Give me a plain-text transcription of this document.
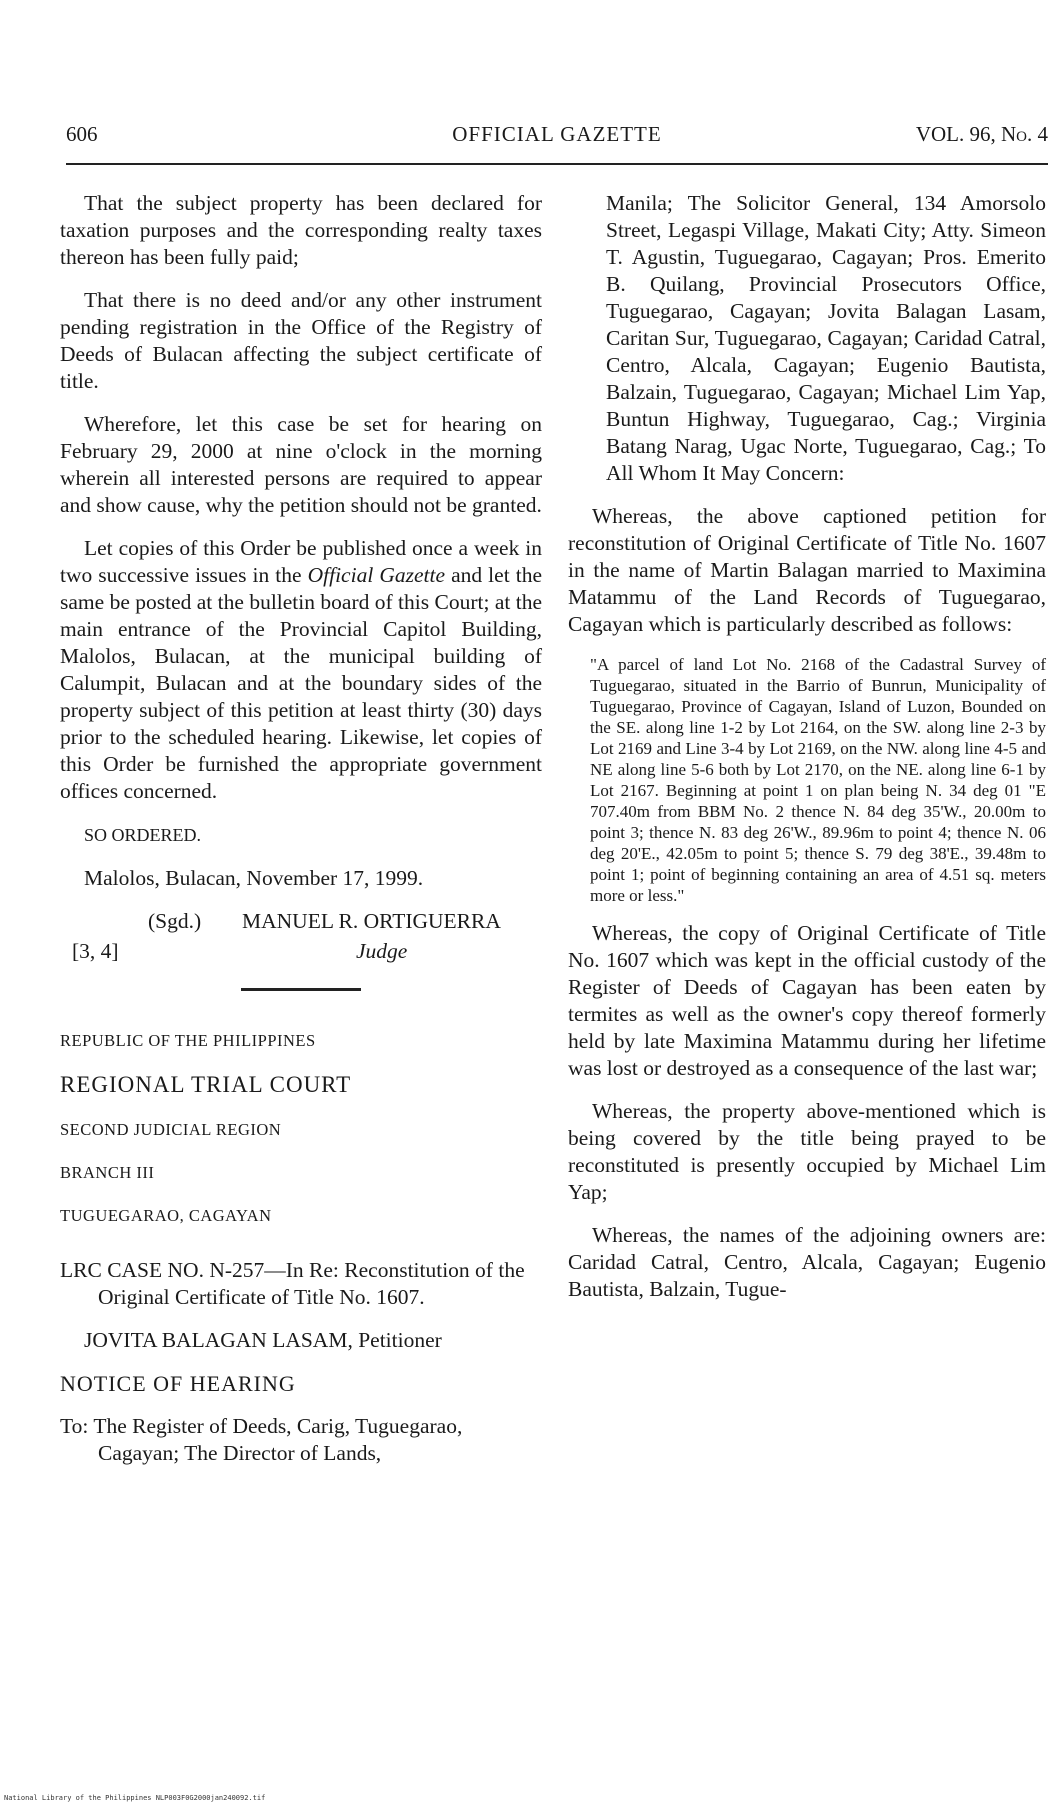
OFFICIAL GAZETTE
606	VOL. 96, No. 4

That the subject property has been declared for taxation purposes and the corresponding realty taxes thereon has been fully paid;

That there is no deed and/or any other instrument pending registration in the Office of the Registry of Deeds of Bulacan affecting the subject certificate of title.

Wherefore, let this case be set for hearing on February 29, 2000 at nine o'clock in the morning wherein all interested persons are required to appear and show cause, why the petition should not be granted.

Let copies of this Order be published once a week in two successive issues in the Official Gazette and let the same be posted at the bulletin board of this Court; at the main entrance of the Provincial Capitol Building, Malolos, Bulacan, at the municipal building of Calumpit, Bulacan and at the boundary sides of the property subject of this petition at least thirty (30) days prior to the scheduled hearing. Likewise, let copies of this Order be furnished the appropriate government offices concerned.

SO ORDERED.

Malolos, Bulacan, November 17, 1999.

(Sgd.) MANUEL R. ORTIGUERRA
[3, 4]	Judge

REPUBLIC OF THE PHILIPPINES

REGIONAL TRIAL COURT

SECOND JUDICIAL REGION

BRANCH III

TUGUEGARAO, CAGAYAN

LRC CASE NO. N-257—In Re: Reconstitution of the Original Certificate of Title No. 1607.

JOVITA BALAGAN LASAM, Petitioner

NOTICE OF HEARING

To: The Register of Deeds, Carig, Tuguegarao, Cagayan; The Director of Lands,

Manila; The Solicitor General, 134 Amorsolo Street, Legaspi Village, Makati City; Atty. Simeon T. Agustin, Tuguegarao, Cagayan; Pros. Emerito B. Quilang, Provincial Prosecutors Office, Tuguegarao, Cagayan; Jovita Balagan Lasam, Caritan Sur, Tuguegarao, Cagayan; Caridad Catral, Centro, Alcala, Cagayan; Eugenio Bautista, Balzain, Tuguegarao, Cagayan; Michael Lim Yap, Buntun Highway, Tuguegarao, Cag.; Virginia Batang Narag, Ugac Norte, Tuguegarao, Cag.; To All Whom It May Concern:

Whereas, the above captioned petition for reconstitution of Original Certificate of Title No. 1607 in the name of Martin Balagan married to Maximina Matammu of the Land Records of Tuguegarao, Cagayan which is particularly described as follows:

"A parcel of land Lot No. 2168 of the Cadastral Survey of Tuguegarao, situated in the Barrio of Bunrun, Municipality of Tuguegarao, Province of Cagayan, Island of Luzon, Bounded on the SE. along line 1-2 by Lot 2164, on the SW. along line 2-3 by Lot 2169 and Line 3-4 by Lot 2169, on the NW. along line 4-5 and NE along line 5-6 both by Lot 2170, on the NE. along line 6-1 by Lot 2167. Beginning at point 1 on plan being N. 34 deg 01 "E 707.40m from BBM No. 2 thence N. 84 deg 35'W., 20.00m to point 3; thence N. 83 deg 26'W., 89.96m to point 4; thence N. 06 deg 20'E., 42.05m to point 5; thence S. 79 deg 38'E., 39.48m to point 1; point of beginning containing an area of 4.51 sq. meters more or less."

Whereas, the copy of Original Certificate of Title No. 1607 which was kept in the official custody of the Register of Deeds of Cagayan has been eaten by termites as well as the owner's copy thereof formerly held by late Maximina Matammu during her lifetime was lost or destroyed as a consequence of the last war;

Whereas, the property above-mentioned which is being covered by the title being prayed to be reconstituted is presently occupied by Michael Lim Yap;

Whereas, the names of the adjoining owners are: Caridad Catral, Centro, Alcala, Cagayan; Eugenio Bautista, Balzain, Tugue-

National Library of the Philippines NLP003F0G2000jan240092.tif
